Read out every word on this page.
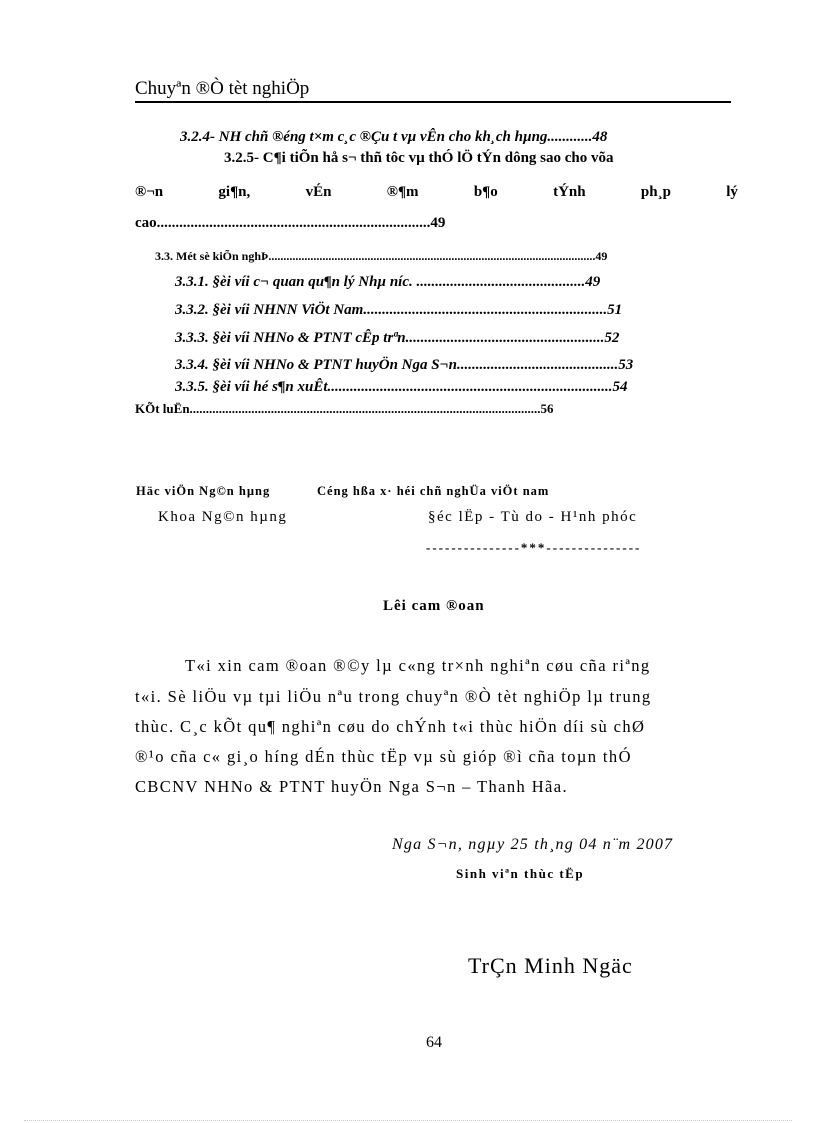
Chuyªn ®Ò tèt nghiÖp
3.2.4- NH chñ ®éng t×m c¸c ®Çu t vµ vÊn cho kh¸ch hµng............48
3.2.5- C¶i tiÕn hå s¬ thñ tôc vµ thÓ lÖ tÝn dông sao cho võa
®¬n	gi¶n,	vÉn	®¶m	b¶o	tÝnh	ph¸p	lý
cao.........................................................................49
3.3. Mét sè kiÕn nghÞ.............................................................................................................49
3.3.1. §èi víi c¬ quan qu¶n lý Nhµ níc. .............................................49
3.3.2. §èi víi NHNN ViÖt Nam.................................................................51
3.3.3. §èi víi NHNo & PTNT cÊp trªn.....................................................52
3.3.4. §èi víi NHNo & PTNT huyÖn Nga S¬n...........................................53
3.3.5. §èi víi hé s¶n xuÊt............................................................................54
KÕt luËn............................................................................................................56
Häc viÖn Ng©n hµng	Céng hßa x· héi chñ nghÜa viÖt nam
Khoa Ng©n hµng	§éc lËp - Tù do - H¹nh phóc
---------------***---------------
Lêi cam ®oan
T«i xin cam ®oan ®©y lµ c«ng tr×nh nghiªn cøu cña riªng
t«i. Sè liÖu vµ tµi liÖu nªu trong chuyªn ®Ò tèt nghiÖp lµ trung
thùc. C¸c kÕt qu¶ nghiªn cøu do chÝnh t«i thùc hiÖn díi sù chØ
®¹o cña c« gi¸o híng dÉn thùc tËp vµ sù gióp ®ì cña toµn thÓ
CBCNV NHNo & PTNT huyÖn Nga S¬n – Thanh Hãa.
Nga S¬n, ngµy 25 th¸ng 04 n¨m 2007
Sinh viªn thùc tËp
TrÇn Minh Ngäc
64
